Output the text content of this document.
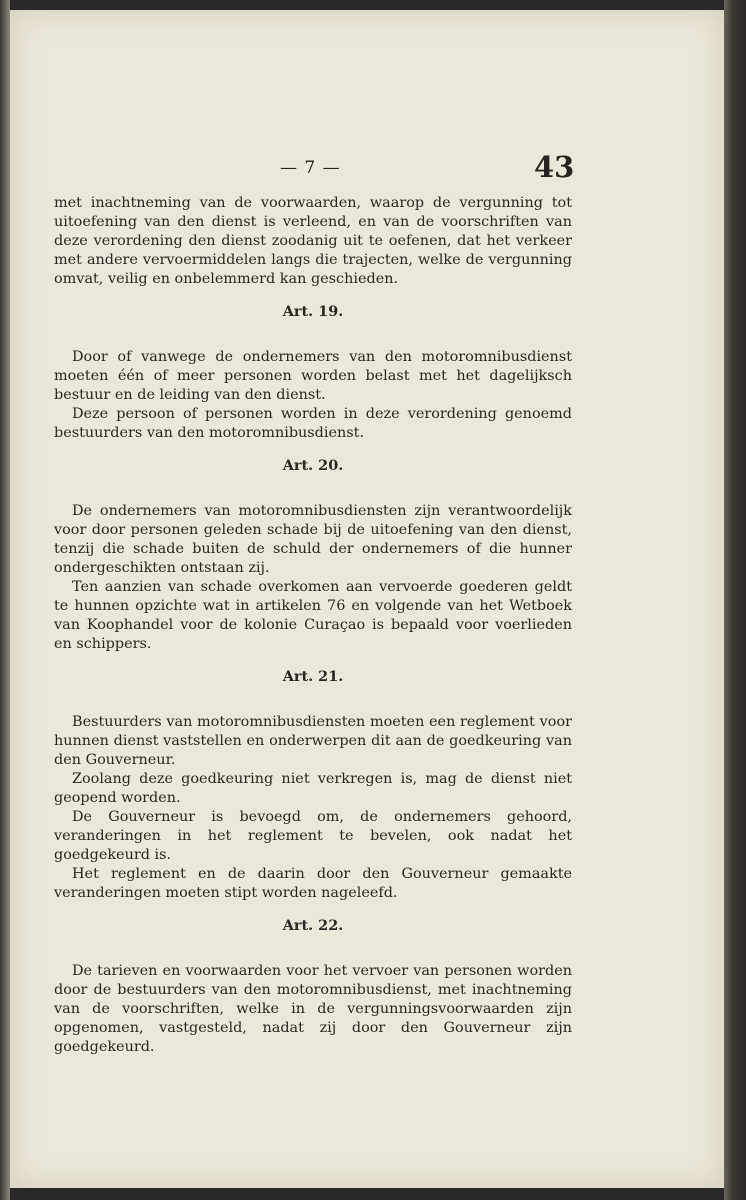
— 7 —	43

met inachtneming van de voorwaarden, waarop de vergunning tot uitoefening van den dienst is verleend, en van de voorschriften van deze verordening den dienst zoodanig uit te oefenen, dat het verkeer met andere vervoermiddelen langs die trajecten, welke de vergunning omvat, veilig en onbelemmerd kan geschieden.

Art. 19.

Door of vanwege de ondernemers van den motoromnibusdienst moeten één of meer personen worden belast met het dagelijksch bestuur en de leiding van den dienst.

Deze persoon of personen worden in deze verordening genoemd bestuurders van den motoromnibusdienst.

Art. 20.

De ondernemers van motoromnibusdiensten zijn verantwoordelijk voor door personen geleden schade bij de uitoefening van den dienst, tenzij die schade buiten de schuld der ondernemers of die hunner ondergeschikten ontstaan zij.

Ten aanzien van schade overkomen aan vervoerde goederen geldt te hunnen opzichte wat in artikelen 76 en volgende van het Wetboek van Koophandel voor de kolonie Curaçao is bepaald voor voerlieden en schippers.

Art. 21.

Bestuurders van motoromnibusdiensten moeten een reglement voor hunnen dienst vaststellen en onderwerpen dit aan de goedkeuring van den Gouverneur.

Zoolang deze goedkeuring niet verkregen is, mag de dienst niet geopend worden.

De Gouverneur is bevoegd om, de ondernemers gehoord, veranderingen in het reglement te bevelen, ook nadat het goedgekeurd is.

Het reglement en de daarin door den Gouverneur gemaakte veranderingen moeten stipt worden nageleefd.

Art. 22.

De tarieven en voorwaarden voor het vervoer van personen worden door de bestuurders van den motoromnibusdienst, met inachtneming van de voorschriften, welke in de vergunningsvoorwaarden zijn opgenomen, vastgesteld, nadat zij door den Gouverneur zijn goedgekeurd.
